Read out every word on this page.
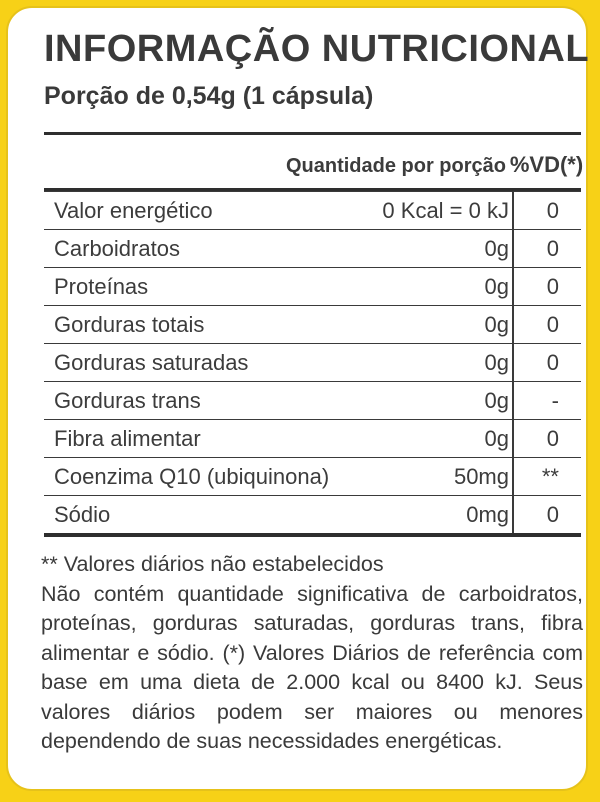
INFORMAÇÃO NUTRICIONAL
Porção de 0,54g (1 cápsula)
Quantidade por porção %VD(*)
Valor energético	0 Kcal = 0 kJ	0
Carboidratos	0g	0
Proteínas	0g	0
Gorduras totais	0g	0
Gorduras saturadas	0g	0
Gorduras trans	0g	-
Fibra alimentar	0g	0
Coenzima Q10 (ubiquinona)	50mg	**
Sódio	0mg	0
** Valores diários não estabelecidos
Não contém quantidade significativa de carboidratos, proteínas, gorduras saturadas, gorduras trans, fibra alimentar e sódio. (*) Valores Diários de referência com base em uma dieta de 2.000 kcal ou 8400 kJ. Seus valores diários podem ser maiores ou menores dependendo de suas necessidades energéticas.
